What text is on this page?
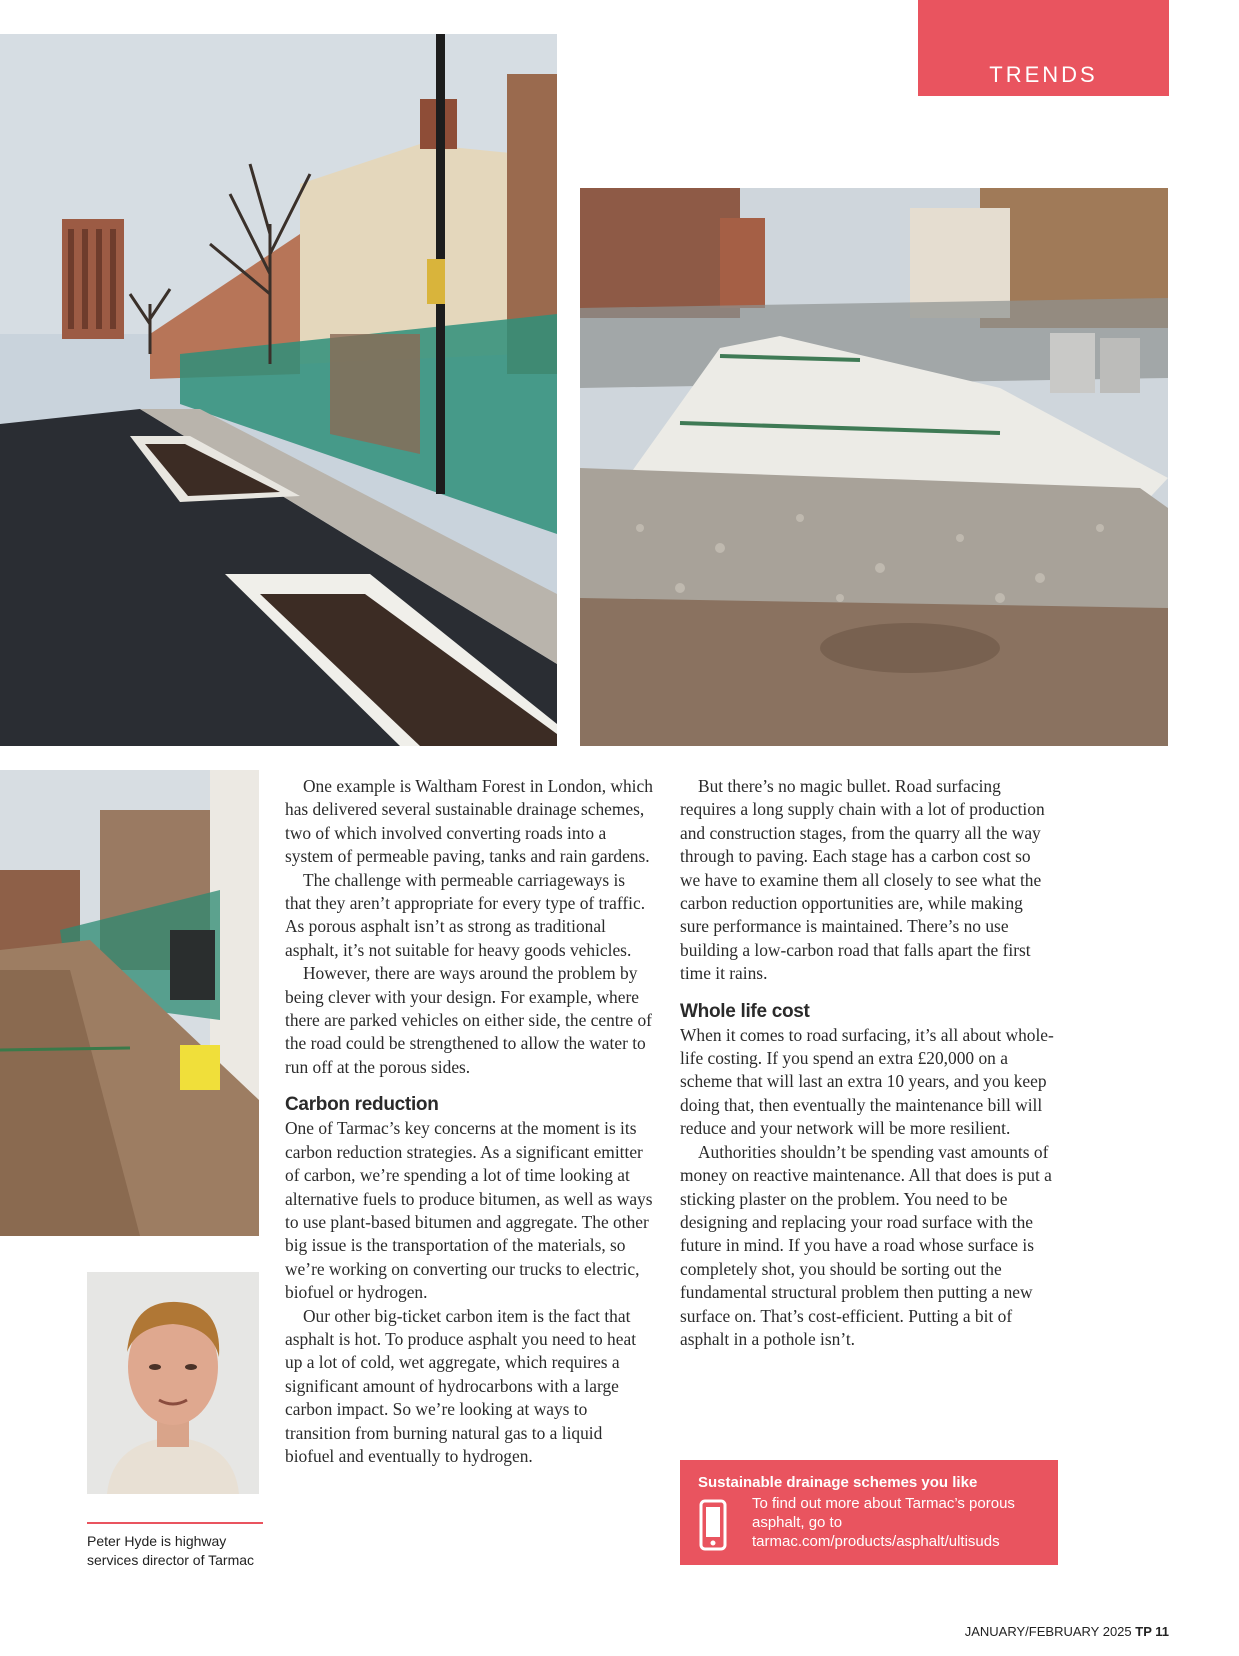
TRENDS
Peter Hyde is highway services director of Tarmac

One example is Waltham Forest in London, which has delivered several sustainable drainage schemes, two of which involved converting roads into a system of permeable paving, tanks and rain gardens.

The challenge with permeable carriageways is that they aren’t appropriate for every type of traffic. As porous asphalt isn’t as strong as traditional asphalt, it’s not suitable for heavy goods vehicles.

However, there are ways around the problem by being clever with your design. For example, where there are parked vehicles on either side, the centre of the road could be strengthened to allow the water to run off at the porous sides.

Carbon reduction

One of Tarmac’s key concerns at the moment is its carbon reduction strategies. As a significant emitter of carbon, we’re spending a lot of time looking at alternative fuels to produce bitumen, as well as ways to use plant-based bitumen and aggregate. The other big issue is the transportation of the materials, so we’re working on converting our trucks to electric, biofuel or hydrogen.

Our other big-ticket carbon item is the fact that asphalt is hot. To produce asphalt you need to heat up a lot of cold, wet aggregate, which requires a significant amount of hydrocarbons with a large carbon impact. So we’re looking at ways to transition from burning natural gas to a liquid biofuel and eventually to hydrogen.

But there’s no magic bullet. Road surfacing requires a long supply chain with a lot of production and construction stages, from the quarry all the way through to paving. Each stage has a carbon cost so we have to examine them all closely to see what the carbon reduction opportunities are, while making sure performance is maintained. There’s no use building a low-carbon road that falls apart the first time it rains.

Whole life cost

When it comes to road surfacing, it’s all about whole-life costing. If you spend an extra £20,000 on a scheme that will last an extra 10 years, and you keep doing that, then eventually the maintenance bill will reduce and your network will be more resilient.

Authorities shouldn’t be spending vast amounts of money on reactive maintenance. All that does is put a sticking plaster on the problem. You need to be designing and replacing your road surface with the future in mind. If you have a road whose surface is completely shot, you should be sorting out the fundamental structural problem then putting a new surface on. That’s cost-efficient. Putting a bit of asphalt in a pothole isn’t.

Sustainable drainage schemes you like
To find out more about Tarmac’s porous asphalt, go to tarmac.com/products/asphalt/ultisuds
JANUARY/FEBRUARY 2025 TP 11
